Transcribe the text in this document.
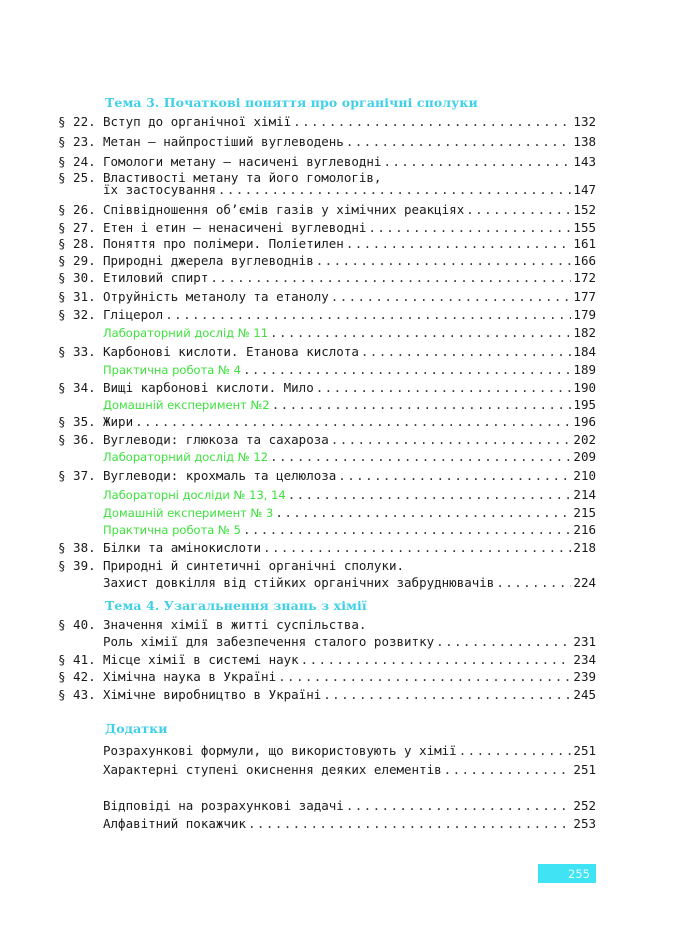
Тема 3. Початкові поняття про органічні сполуки
§ 22. Вступ до органічної хімії .....	132
§ 23. Метан — найпростіший вуглеводень .....	138
§ 24. Гомологи метану — насичені вуглеводні .....	143
§ 25. Властивості метану та його гомологів,
їх застосування .....	147
§ 26. Співвідношення об’ємів газів у хімічних реакціях .....	152
§ 27. Етен і етин — ненасичені вуглеводні .....	155
§ 28. Поняття про полімери. Поліетилен .....	161
§ 29. Природні джерела вуглеводнів .....	166
§ 30. Етиловий спирт .....	172
§ 31. Отруйність метанолу та етанолу .....	177
§ 32. Гліцерол .....	179
Лабораторний дослід № 11 .....	182
§ 33. Карбонові кислоти. Етанова кислота .....	184
Практична робота № 4 .....	189
§ 34. Вищі карбонові кислоти. Мило .....	190
Домашній експеримент №2 .....	195
§ 35. Жири .....	196
§ 36. Вуглеводи: глюкоза та сахароза .....	202
Лабораторний дослід № 12 .....	209
§ 37. Вуглеводи: крохмаль та целюлоза .....	210
Лабораторні досліди № 13, 14 .....	214
Домашній експеримент № 3 .....	215
Практична робота № 5 .....	216
§ 38. Білки та амінокислоти .....	218
§ 39. Природні й синтетичні органічні сполуки.
Захист довкілля від стійких органічних забруднювачів .....	224
Тема 4. Узагальнення знань з хімії
§ 40. Значення хімії в житті суспільства.
Роль хімії для забезпечення сталого розвитку .....	231
§ 41. Місце хімії в системі наук .....	234
§ 42. Хімічна наука в Україні .....	239
§ 43. Хімічне виробництво в Україні .....	245
Додатки
Розрахункові формули, що використовують у хімії .....	251
Характерні ступені окиснення деяких елементів .....	251
Відповіді на розрахункові задачі .....	252
Алфавітний покажчик .....	253
255
